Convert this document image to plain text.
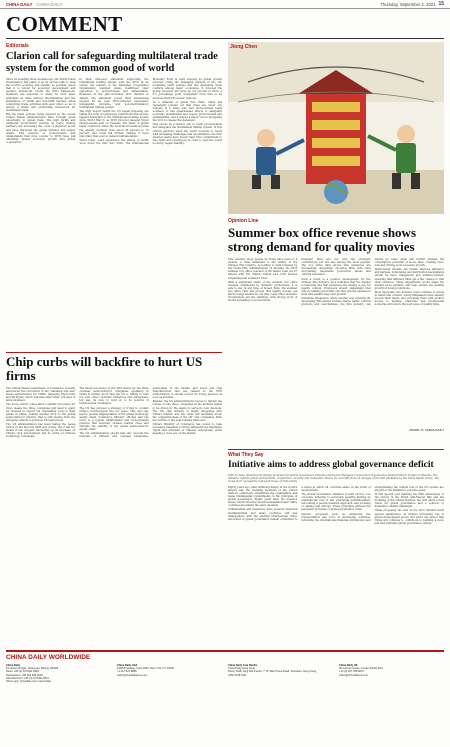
CHINA DAILY CHINA DAILY	Thursday, September 2, 2021 15
COMMENT
Editorials
Clarion call for safeguarding multilateral trade system for the common good of world

Since its founding three decades ago, the World Trade Organization has taken it as its sacred task to help the world's economy and steadily as possible, given that it is robust for economic development and people's livelihoods. Under the WTO framework, members are expected to abide by such basic principles as trade without discrimination and the elimination of tariffs and non-tariff barriers when conducting trade activities with each other, so as to ensure a stable and predictable framework for multilateral trade.

But the trade policies being adopted by the recent United States administration have brought great uncertainty to global trade. The high tariffs and unilateral protectionist policies on major trading partners are increasing the costs of imported goods and have disrupted the global industry and supply chains. This practice of protectionism and unilateralism that runs counter to WTO rules will ultimately hinder economic growth and global cooperation.

In their first-ever statement supporting the multilateral trading system with the WTO at its center, the leaders of the Shanghai Cooperation Organization member states reaffirmed their opposition to protectionism and unilateralism. Released at the just-concluded SCO Summit in Tianjin, the statement voiced their unwavering support for an open WTO-centered, rule-based, transparent, inclusive, and non-discriminatory multilateral trading system.

The high import tariffs the US began imposing are taking the form of technology restrictions that are the biggest disruption to the international trading system since World War II, as WTO Director-General Ngozi Okonjo-Iweala said on Tuesday. The share of global trade conducted under the most-favored-nation terms has already declined from about 80 percent to 72 percent, and could fall further, making it more important than ever to defend multilateralism.

World trade could experience the effects of tariffs 'slow down the fast' into 2026. The International Monetary Fund in April lowered its global growth forecast, citing the damaging impacts of the US' escalating tariff policies and the deepening trade conflicts among major economies. It forecast the global economy will grow by 2.8 percent in 2025, a 0.5 percentage point downgrade from that in its previous World Economic Outlook.

As a defender of global free trade, China has repeatedly pointed out that there are never any winners in a trade war, and protectionism leads nowhere. It has spearheaded efforts to safeguard economic globalization and oppose protectionism and unilateralism, and it played a major role in prompting the SCO to release the statement.

This serves as a clarion call to resist protectionism and safeguard the multilateral trading system. In this critical juncture when the world economy is faced with increasing challenges and uncertainties, the SCO member states have shown their firm commitment to free trade and opening-up in order to help the world economy regain stability.

Chip curbs will backfire to hurt US firms

The United States Department of Commerce recently announced the revocation of the 'validated end-user' status authorization for TSMC, Samsung Electronics and SK Hynix, which will take effect after 120 days of announcement.

The move, which comes after a similar revocation for Intel, means the three companies will need to apply for licenses to import US chipmaking tools to their plants in China, dealing another blow to the global semiconductor industry that is still reeling from the disruptive effects of previous US restrictions.

The US administration has been taking the pause button in the Sino-US tariff war of late, but it has not meant it has stopped ratcheting up its blockade on China's tech development and its curbs on Chinese technology companies.

The latest revocation of the VEO status for the three overseas semiconductor companies operating in China is further proof that the US is willing to hurt not only other countries' industries and enterprises, but also its own, to hold on to its position of technological dominance.

The US has pursued a strategy of trying to contain China's technological rise for years. This will only lead to greater fragmentation of the global technology supply chain. Commerce Ministry officials said the move is a typical unilateralism and protectionism practice that seriously violates market rules and disrupts the stability of the global semiconductor supply chain.

The US administration should take into account the interests of Chinese and overseas businesses, particularly in the middle, and lower end chip manufacturers that are related to the VEO authorization. It should correct its wrong practice as soon as possible.

Besides, the US administration's moves to tighten the screws on the three companies at the moment seems to be driven by the desire to serve its own interests. The US' chip industry is highly integrated with China's market, and the curbs will inevitably erode the competitiveness of the US' own companies. Both are victims of the long-running trade war.

China's Ministry of Commerce has vowed to take necessary measures to firmly safeguard the legitimate rights and interests of Chinese enterprises, while keeping a close eye on the matter.

Jiong Chen
Opinion Line
Summer box office revenue shows strong demand for quality movies

This summer, more people in China have been to a cinema, a clear testament to the vitality of the Chinese film industry. According to data released by the China Film Administration on Monday, the 2025 summer box office reached 11.98 billion yuan ($1.67 billion) with 321 million tickets sold, both metrics surpassing last summer's total.

With a significant share of the summer box office revenue contributed by domestic productions, it is safe to say, in any time of honest films, the summer box office rally has proven that quality movies can attract large audiences. Ne Zha 2 and other domestic blockbusters led the rankings, with strong word of mouth spreading on social media.

Domestic films are not only the strongest contributors, but are also among the most popular. The box office data shows that audiences are increasingly discerning, choosing films with solid storytelling, impressive production values and cultural resonance.

Such a trend is a positive development for the Chinese film industry, as it indicates that the market is maturing and that audiences are willing to pay for quality content. Producers should understand that only by making good films can they win the audience's trust and sustain long-term growth.

Industrial integration offers another way forward. By developing film-related tourism, theme parks, cultural products and merchandise, the film industry can extend its value chain and further unleash the consumption potential of movie fans, creating more jobs and driving local economic growth.

Institutional reforms can further improve efficiency and fairness. Scheduling and distribution mechanisms should be more transparent and market-oriented, ensuring that different films get a fair chance to find their audience. These adjustments would make the market more dynamic and help sustain the healthy growth of local productions.

Most important, the industry must continue to invest in talent and content. Young filmmakers have already proven their talent, and providing them with greater access to funding, platforms and professional networks will unlock the next wave of quality films.

ZHANG YI, CHINA DAILY
What They Say
Initiative aims to address global governance deficit
Editor's Note: President Xi Jinping proposed the Global Governance Initiative during the Shanghai Cooperation Organization Summit held in Tianjin on Monday. The initiative reflects global development, cooperation, security and civilization. Below are excerpts from an analysis of the GGI published by the China Media Group. The views don't necessarily represent those of China Daily.

Eighty years ago, after suffering deeply in the world's largest war, the founding members of the United Nations collectively established the organization and made fundamental commitments to the principles of global governance. Eighty years later, the question arises: which direction should humankind take? Many countries are asking the same question.

Unilateralism and hegemony have severely impacted multilateralism and many countries still feel disappointed with the existing international order. Advocates of global governance remain committed to a vision in which all countries share in the fruits of development.

The Global Governance Initiative is built on five core concepts: adhering to sovereign equality, abiding by international rule of law, practicing multilateralism, advocating a people-centered approach, and focusing on taking real actions. These principles address the persistent problems of global governance today.

Specific proposals such as enhancing the representation and voice of developing countries, reforming the international financial architecture and strengthening the central role of the UN system are all part of the initiative's concrete goals.

In this special year marking the 80th anniversary of the victory in the World Anti-Fascist War and the founding of the United Nations, the GGI offers a new vision for global governance and a solution to humanity's shared challenges.

China proposing the GGI at the SCO Summit holds special significance. As China's increasing role in global development grows, the world can expect that China will continue to contribute to building a more just and equitable global governance system.

CHINA DAILY WORLDWIDE
China Daily
15 Huixin Dongjie, Chaoyang, Beijing 100029
News: +86 (0) 10 6491 8366
Subscription: +86 400 699 0203
Advertisement: +86 (0) 10 6491 8631
Phone app: chinadaily.com.cn/e/mobile
China Daily USA
1500 Broadway, Suite 2800, New York, NY 10036
+1 212 537 8888
editor@chinadailyusa.com
China Daily Asia Pacific
China Daily Hong Kong
Room 1818, Hing Wai Centre, 7 Tin Wan Praya Road, Aberdeen, Hong Kong
+852 2518 5111
China Daily UK
90 Cannon Street, London EC4N 6HA
+44 (0) 207 398 8270
editor@chinadailyuk.com
